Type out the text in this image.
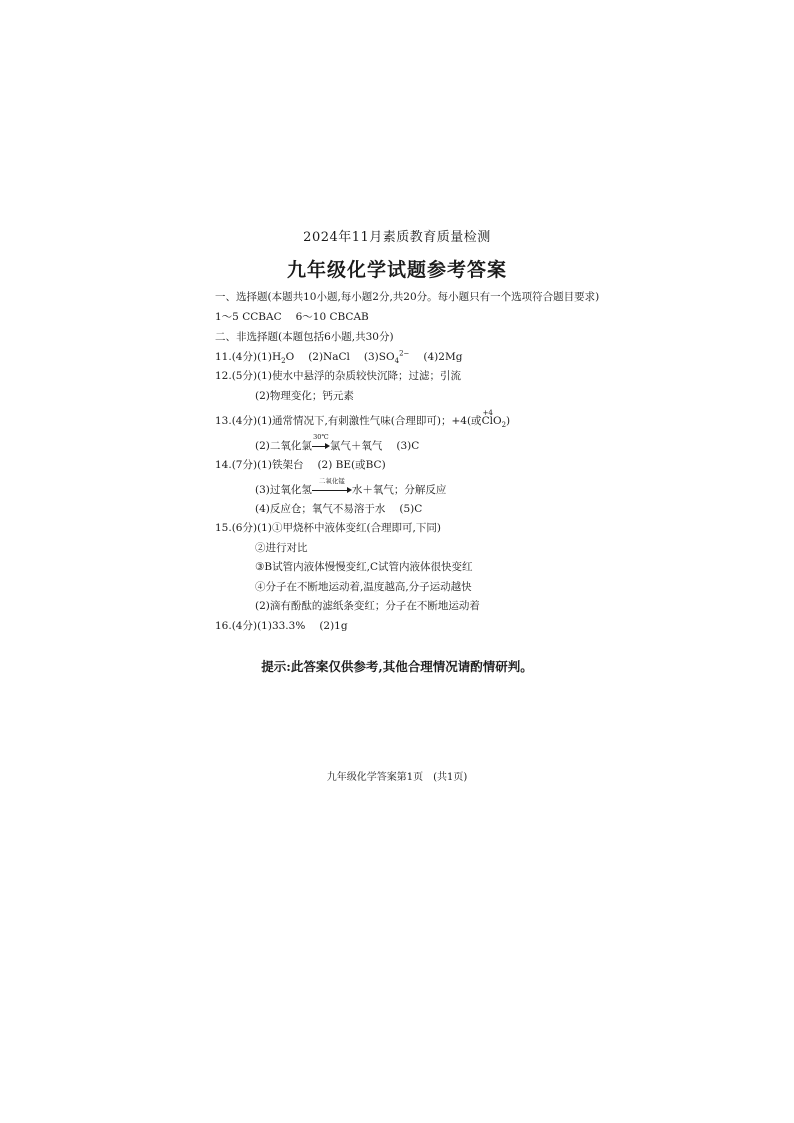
2024年11月素质教育质量检测
九年级化学试题参考答案
一、选择题(本题共10小题,每小题2分,共20分。每小题只有一个选项符合题目要求)
1～5 CCBAC 6～10 CBCAB
二、非选择题(本题包括6小题,共30分)
11.(4分)$(1)H_2O$ (2)NaCl $(3)SO_4^{2-}$ (4)2Mg
12.(5分)(1)使水中悬浮的杂质较快沉降；过滤；引流
(2)物理变化；钙元素
13.(4分)(1)通常情况下,有刺激性气味(合理即可)；+4(或
+4
ClO$_2$)
(2)二氧化氯
30℃
氯气＋氧气 (3)C
14.(7分)(1)铁架台 (2) BE(或BC)
(3)过氧化氢
二氧化锰
水＋氧气；分解反应
(4)反应仓；氧气不易溶于水 (5)C
15.(6分)(1)①甲烧杯中液体变红(合理即可,下同)
②进行对比
③B试管内液体慢慢变红,C试管内液体很快变红
④分子在不断地运动着,温度越高,分子运动越快
(2)滴有酚酞的滤纸条变红；分子在不断地运动着
16.(4分)(1)33.3% (2)1g
提示:此答案仅供参考,其他合理情况请酌情研判。
九年级化学答案第1页　(共1页)
